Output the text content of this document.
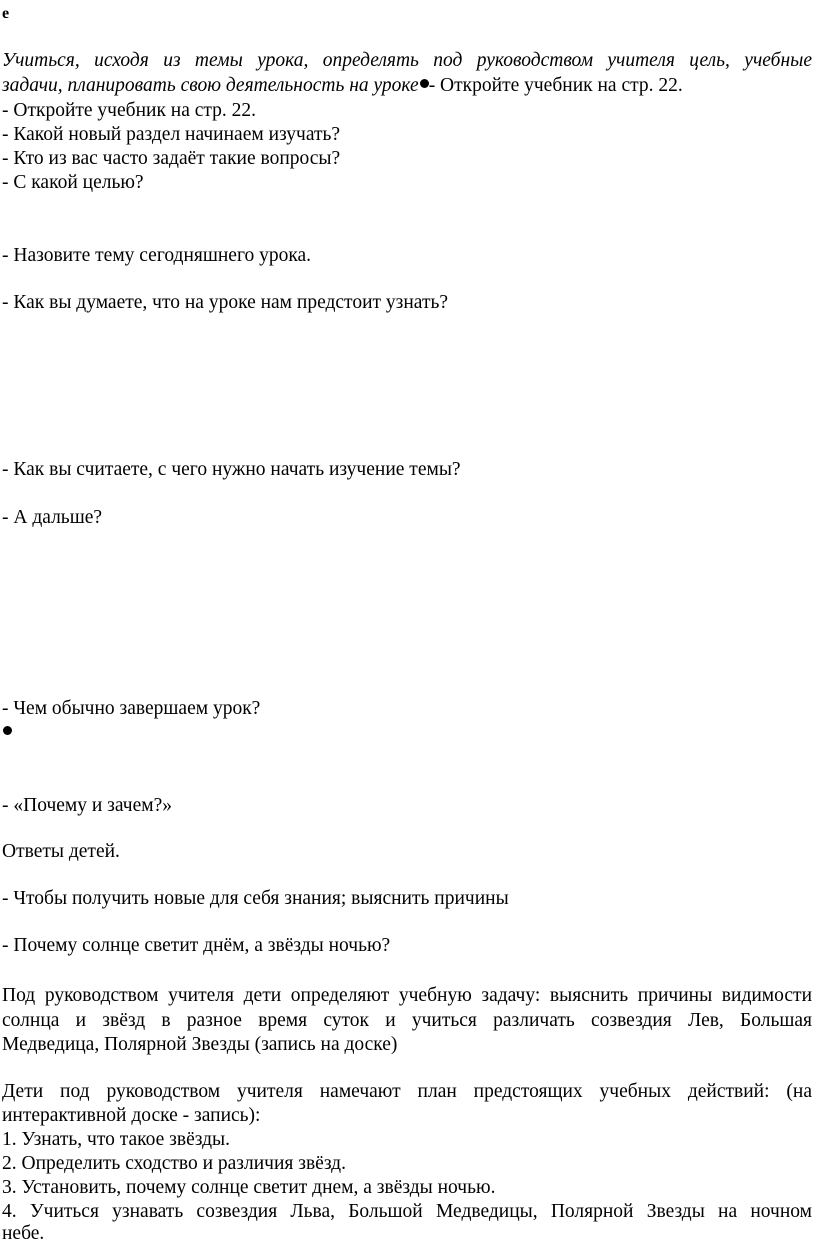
е
Учиться, исходя из темы урока, определять под руководством учителя цель, учебные
задачи, планировать свою деятельность на уроке - Откройте учебник на стр. 22.
- Откройте учебник на стр. 22.
- Какой новый раздел начинаем изучать?
- Кто из вас часто задаёт такие вопросы?
- С какой целью?
- Назовите тему сегодняшнего урока.
- Как вы думаете, что на уроке нам предстоит узнать?
- Как вы считаете, с чего нужно начать изучение темы?
- А дальше?
- Чем обычно завершаем урок?
- «Почему и зачем?»
Ответы детей.
- Чтобы получить новые для себя знания; выяснить причины
- Почему солнце светит днём, а звёзды ночью?
Под руководством учителя дети определяют учебную задачу: выяснить причины видимости
солнца и звёзд в разное время суток и учиться различать созвездия Лев, Большая
Медведица, Полярной Звезды (запись на доске)
Дети под руководством учителя намечают план предстоящих учебных действий: (на
интерактивной доске - запись):
1. Узнать, что такое звёзды.
2. Определить сходство и различия звёзд.
3. Установить, почему солнце светит днем, а звёзды ночью.
4. Учиться узнавать созвездия Льва, Большой Медведицы, Полярной Звезды на ночном
небе.
